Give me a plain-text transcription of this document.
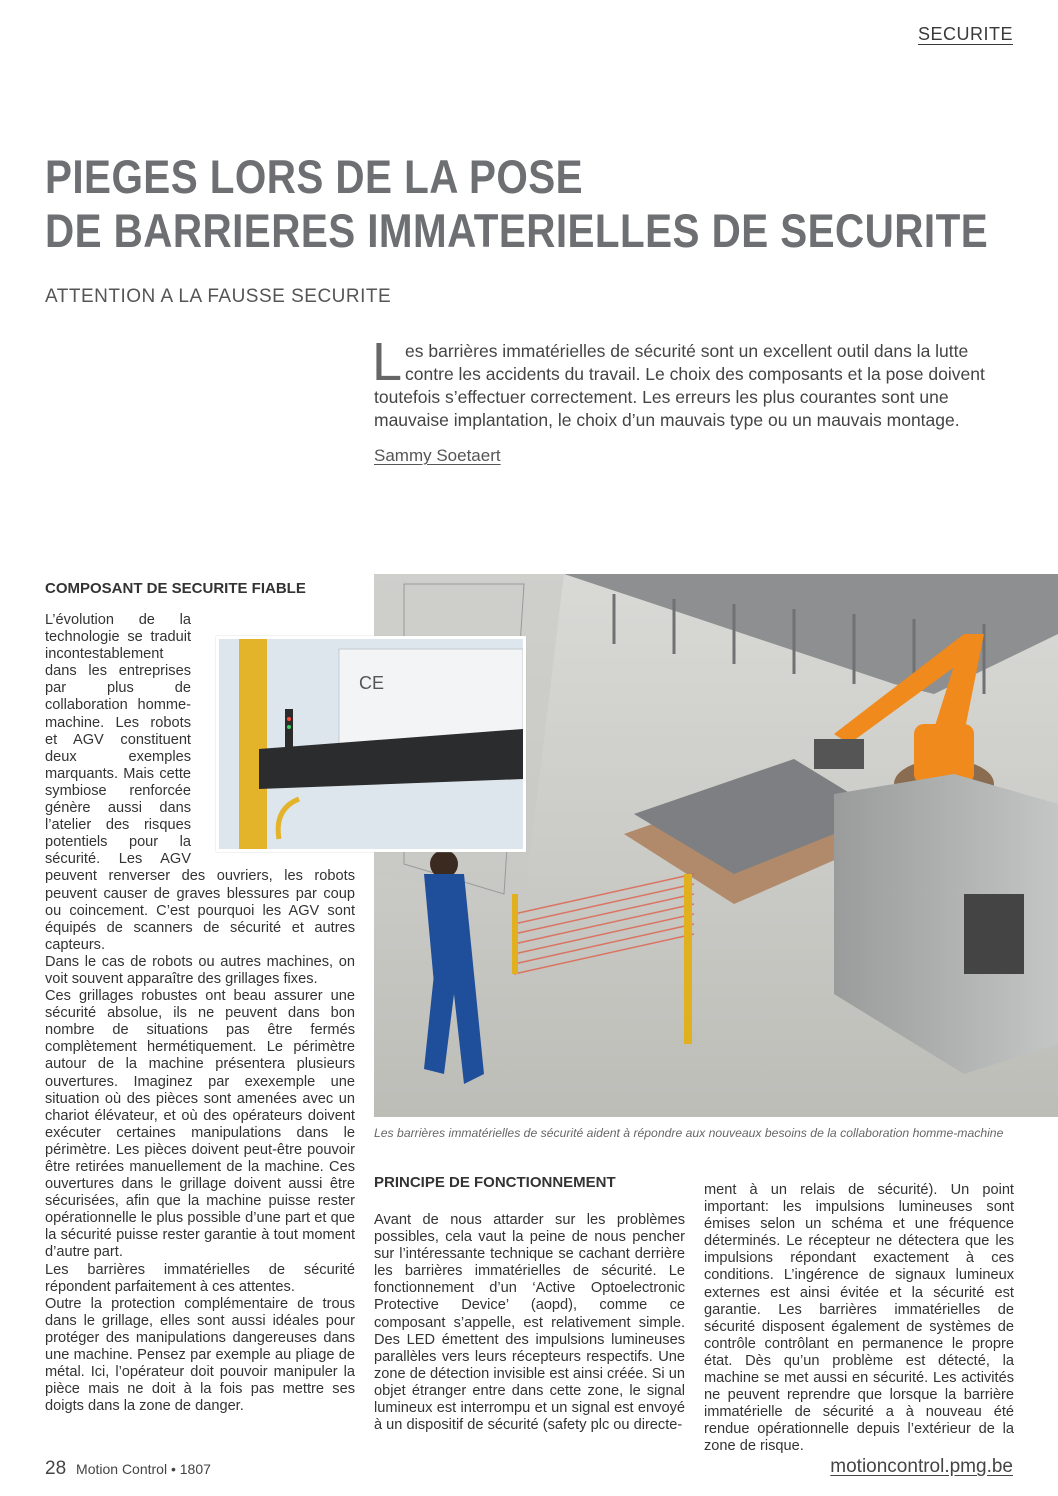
SECURITE
PIEGES LORS DE LA POSE
DE BARRIERES IMMATERIELLES DE SECURITE
ATTENTION A LA FAUSSE SECURITE
Les barrières immatérielles de sécurité sont un excellent outil dans la lutte contre les accidents du travail. Le choix des composants et la pose doivent toutefois s’effectuer correctement. Les erreurs les plus courantes sont une mauvaise implantation, le choix d’un mauvais type ou un mauvais montage.
Sammy Soetaert
COMPOSANT DE SECURITE FIABLE

L’évolution de la technologie se traduit incontestablement dans les entreprises par plus de collaboration homme-machine. Les robots et AGV constituent deux exemples marquants. Mais cette symbiose renforcée génère aussi dans l’atelier des risques potentiels pour la sécurité. Les AGV peuvent renverser des ouvriers, les robots peuvent causer de graves blessures par coup ou coincement. C’est pourquoi les AGV sont équipés de scanners de sécurité et autres capteurs.

Dans le cas de robots ou autres machines, on voit souvent apparaître des grillages fixes.

Ces grillages robustes ont beau assurer une sécurité absolue, ils ne peuvent dans bon nombre de situations pas être fermés complètement hermétiquement. Le périmètre autour de la machine présentera plusieurs ouvertures. Imaginez par exexemple une situation où des pièces sont amenées avec un chariot élévateur, et où des opérateurs doivent exécuter certaines manipulations dans le périmètre. Les pièces doivent peut-être pouvoir être retirées manuellement de la machine. Ces ouvertures dans le grillage doivent aussi être sécurisées, afin que la machine puisse rester opérationnelle le plus possible d’une part et que la sécurité puisse rester garantie à tout moment d’autre part.

Les barrières immatérielles de sécurité répondent parfaitement à ces attentes.

Outre la protection complémentaire de trous dans le grillage, elles sont aussi idéales pour protéger des manipulations dangereuses dans une machine. Pensez par exemple au pliage de métal. Ici, l’opérateur doit pouvoir manipuler la pièce mais ne doit à la fois pas mettre ses doigts dans la zone de danger.

CE
Les barrières immatérielles de sécurité aident à répondre aux nouveaux besoins de la collaboration homme-machine
PRINCIPE DE FONCTIONNEMENT

Avant de nous attarder sur les problèmes possibles, cela vaut la peine de nous pencher sur l’intéressante technique se cachant derrière les barrières immatérielles de sécurité. Le fonctionnement d’un ‘Active Optoelectronic Protective Device’ (aopd), comme ce composant s’appelle, est relativement simple. Des LED émettent des impulsions lumineuses parallèles vers leurs récepteurs respectifs. Une zone de détection invisible est ainsi créée. Si un objet étranger entre dans cette zone, le signal lumineux est interrompu et un signal est envoyé à un dispositif de sécurité (safety plc ou directe-

ment à un relais de sécurité). Un point important: les impulsions lumineuses sont émises selon un schéma et une fréquence déterminés. Le récepteur ne détectera que les impulsions répondant exactement à ces conditions. L’ingérence de signaux lumineux externes est ainsi évitée et la sécurité est garantie. Les barrières immatérielles de sécurité disposent également de systèmes de contrôle contrôlant en permanence le propre état. Dès qu’un problème est détecté, la machine se met aussi en sécurité. Les activités ne peuvent reprendre que lorsque la barrière immatérielle de sécurité a à nouveau été rendue opérationnelle depuis l’extérieur de la zone de risque.

28 Motion Control • 1807	motioncontrol.pmg.be
